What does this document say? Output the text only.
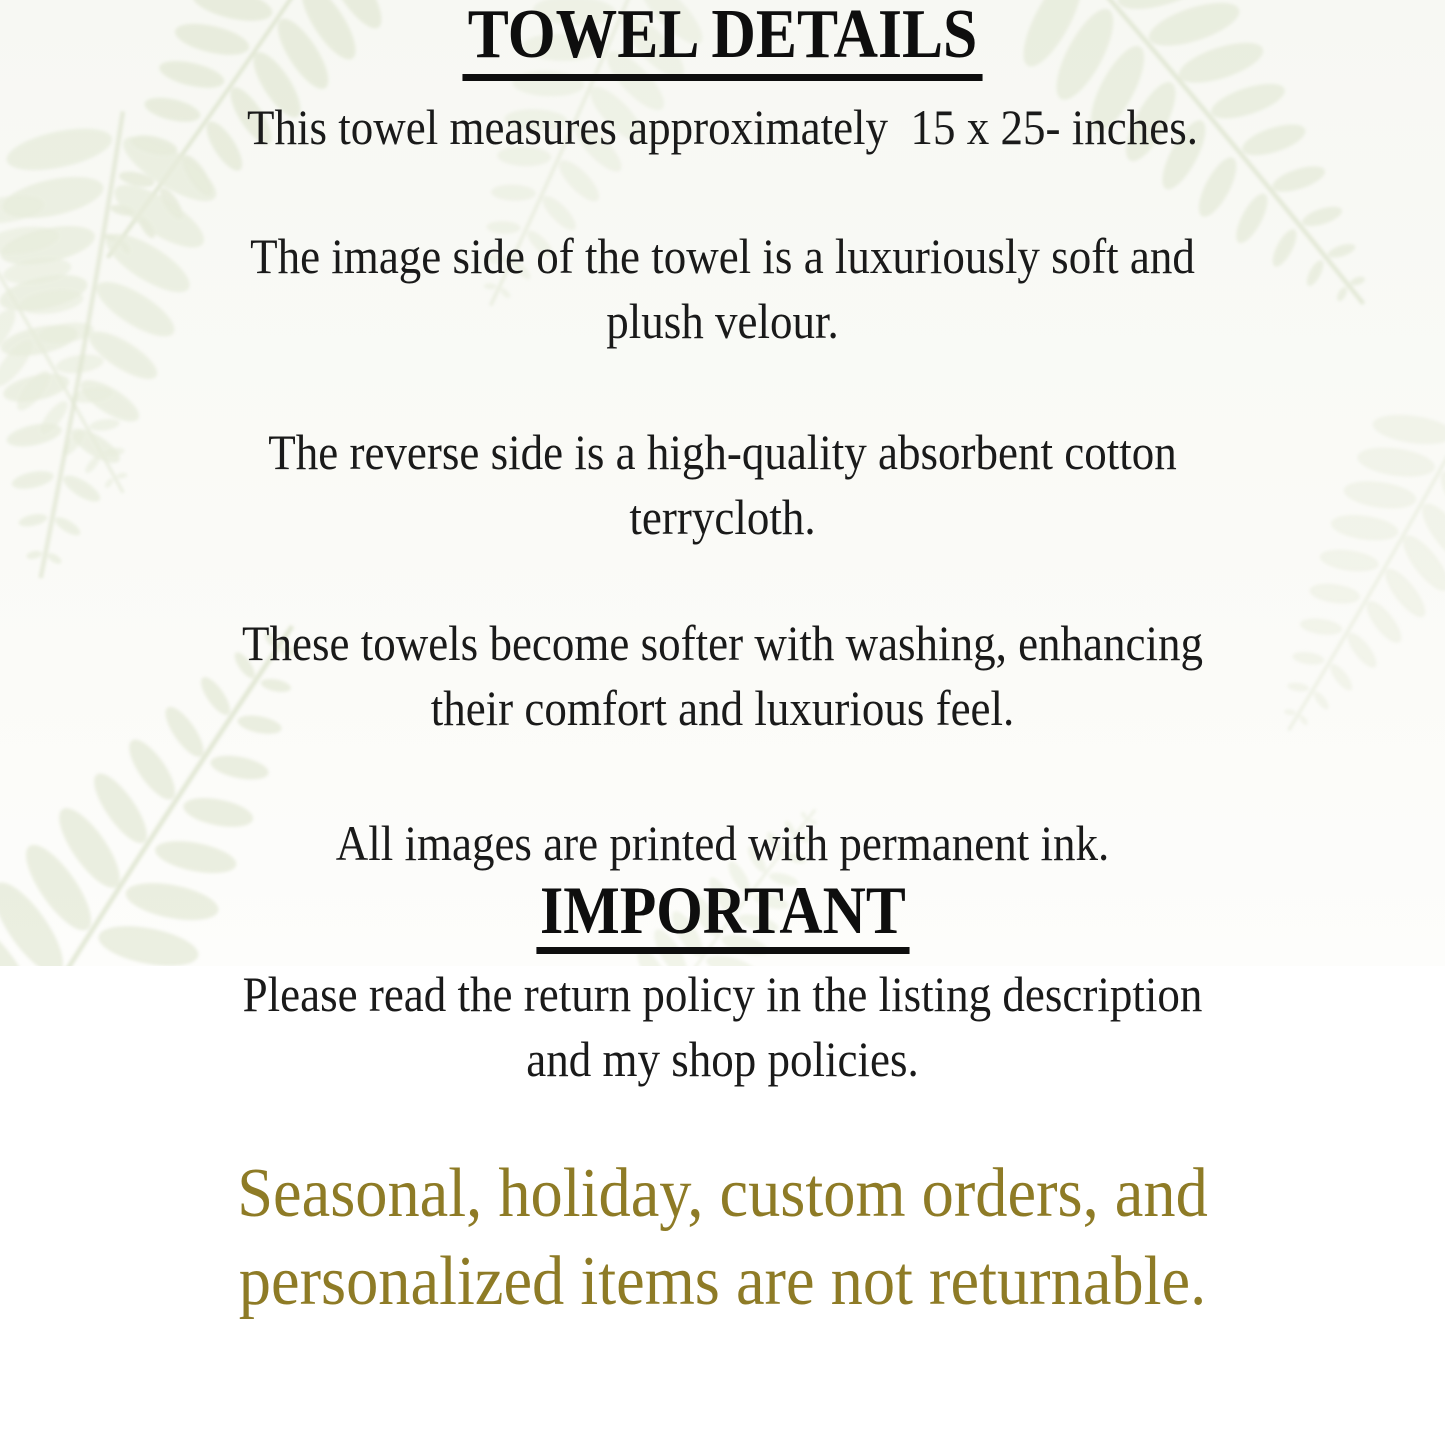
TOWEL DETAILS

This towel measures approximately  15 x 25- inches.

The image side of the towel is a luxuriously soft and
plush velour.

The reverse side is a high-quality absorbent cotton
terrycloth.

These towels become softer with washing, enhancing
their comfort and luxurious feel.

All images are printed with permanent ink.

IMPORTANT

Please read the return policy in the listing description
and my shop policies.

Seasonal, holiday, custom orders, and
personalized items are not returnable.
